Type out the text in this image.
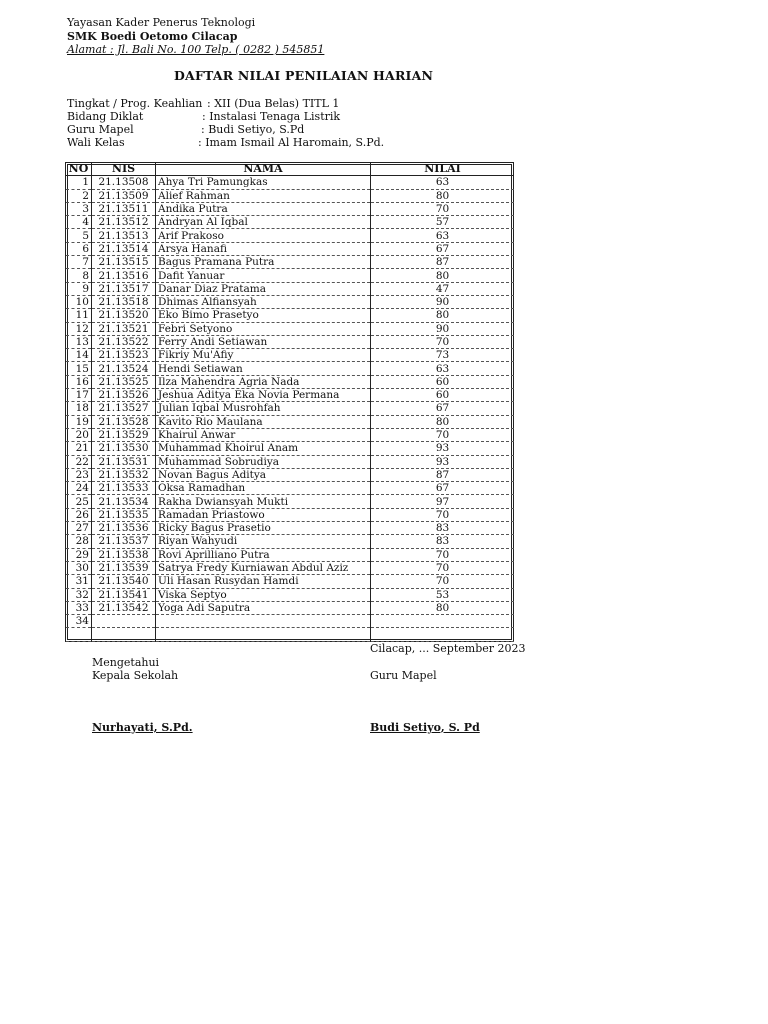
Yayasan Kader Penerus Teknologi
SMK Boedi Oetomo Cilacap
Alamat : Jl. Bali No. 100 Telp. ( 0282 ) 545851
DAFTAR NILAI PENILAIAN HARIAN
Tingkat / Prog. Keahlian : XII (Dua Belas) TITL 1
Bidang Diklat	: Instalasi Tenaga Listrik
Guru Mapel	: Budi Setiyo, S.Pd
Wali Kelas	: Imam Ismail Al Haromain, S.Pd.
NO	NIS	NAMA	NILAI
1	21.13508	Ahya Tri Pamungkas	63
2	21.13509	Alief Rahman	80
3	21.13511	Andika Putra	70
4	21.13512	Andryan Al Iqbal	57
5	21.13513	Arif Prakoso	63
6	21.13514	Arsya Hanafi	67
7	21.13515	Bagus Pramana Putra	87
8	21.13516	Dafit Yanuar	80
9	21.13517	Danar Diaz Pratama	47
10	21.13518	Dhimas Alfiansyah	90
11	21.13520	Eko Bimo Prasetyo	80
12	21.13521	Febri Setyono	90
13	21.13522	Ferry Andi Setiawan	70
14	21.13523	Fikriy Mu'Afiy	73
15	21.13524	Hendi Setiawan	63
16	21.13525	Ilza Mahendra Agria Nada	60
17	21.13526	Jeshua Aditya Eka Novia Permana	60
18	21.13527	Julian Iqbal Musrohfah	67
19	21.13528	Kavito Rio Maulana	80
20	21.13529	Khairul Anwar	70
21	21.13530	Muhammad Khoirul Anam	93
22	21.13531	Muhammad Sobrudiya	93
23	21.13532	Novan Bagus Aditya	87
24	21.13533	Oksa Ramadhan	67
25	21.13534	Rakha Dwiansyah Mukti	97
26	21.13535	Ramadan Priastowo	70
27	21.13536	Ricky Bagus Prasetio	83
28	21.13537	Riyan Wahyudi	83
29	21.13538	Rovi Aprilliano Putra	70
30	21.13539	Satrya Fredy Kurniawan Abdul Aziz	70
31	21.13540	Uli Hasan Rusydan Hamdi	70
32	21.13541	Viska Septyo	53
33	21.13542	Yoga Adi Saputra	80
34			

Cilacap, ... September 2023
Mengetahui
Kepala Sekolah	Guru Mapel
Nurhayati, S.Pd.	Budi Setiyo, S. Pd
